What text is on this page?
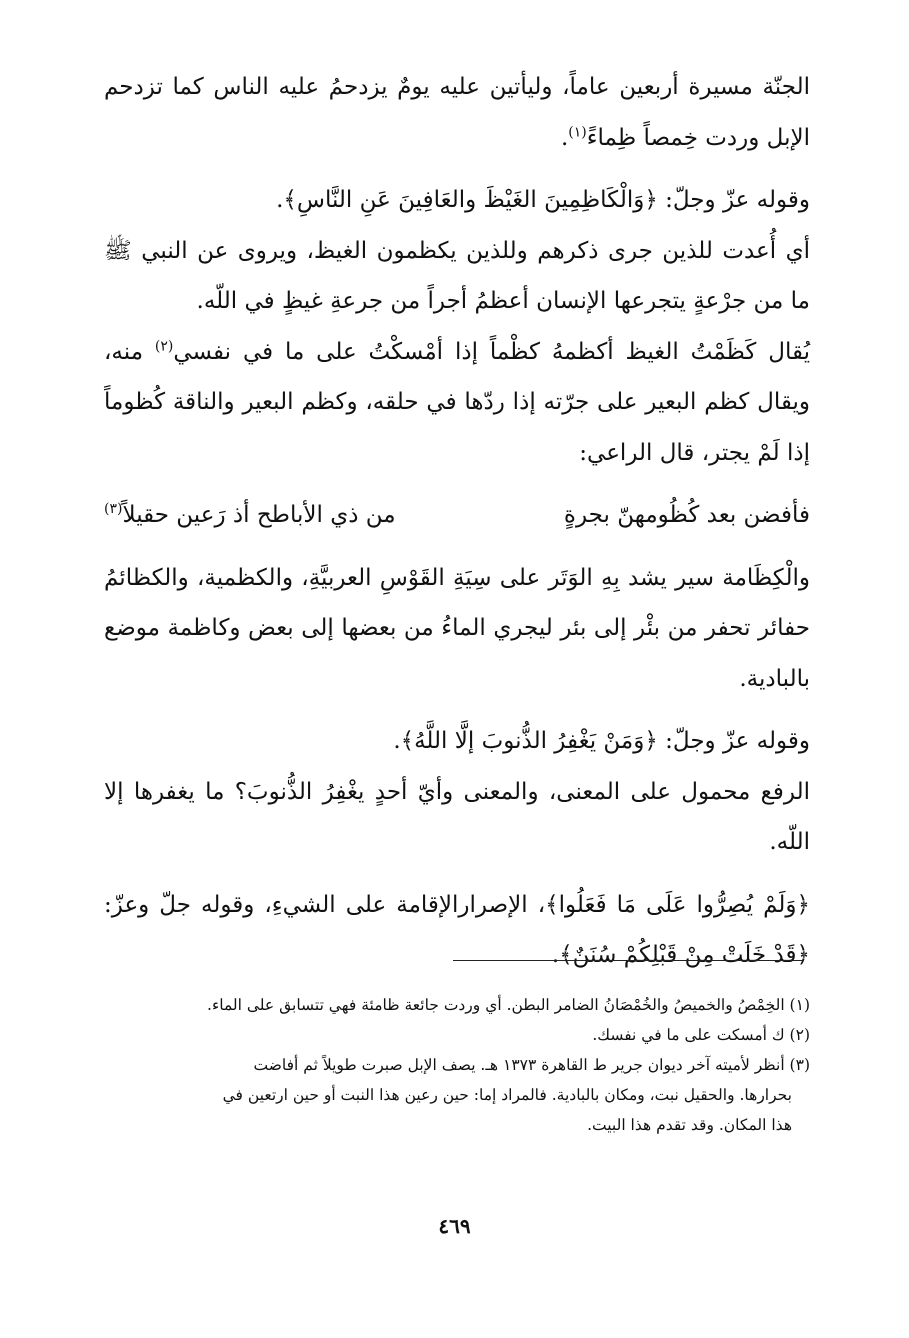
الجنّة مسيرة أربعين عاماً، وليأتين عليه يومٌ يزدحمُ عليه الناس كما تزدحم الإبل وردت خِمصاً ظِماءً$^{(١)}$.

وقوله عزّ وجلّ: ﴿وَالْكَاظِمِينَ الغَيْظَ والعَافِينَ عَنِ النَّاسِ﴾.

أي أُعدت للذين جرى ذكرهم وللذين يكظمون الغيظ، ويروى عن النبي ﷺ ما من جرْعةٍ يتجرعها الإنسان أعظمُ أجراً من جرعةِ غيظٍ في اللّه.

يُقال كَظَمْتُ الغيظ أكظمهُ كظْماً إذا أمْسكْتُ على ما في نفسي$^{(٢)}$ منه، ويقال كظم البعير على جرّته إذا ردّها في حلقه، وكظم البعير والناقة كُظوماً إذا لَمْ يجتر، قال الراعي:

فأفضن بعد كُظُومهنّ بجرةٍ
من ذي الأباطح أذ رَعين حقيلاً(٣)

والْكِظَامة سير يشد بِهِ الوَتَر على سِيَةِ القَوْسِ العربيَّةِ، والكظمية، والكظائمُ حفائر تحفر من بئْر إلى بئر ليجري الماءُ من بعضها إلى بعض وكاظمة موضع بالبادية.

وقوله عزّ وجلّ: ﴿وَمَنْ يَغْفِرُ الذُّنوبَ إلَّا اللَّهُ﴾.

الرفع محمول على المعنى، والمعنى وأيّ أحدٍ يغْفِرُ الذُّنوبَ؟ ما يغفرها إلا اللّه.

﴿وَلَمْ يُصِرُّوا عَلَى مَا فَعَلُوا﴾، الإصرارالإقامة على الشيءِ، وقوله جلّ وعزّ: ﴿قَدْ خَلَتْ مِنْ قَبْلِكُمْ سُنَنٌ﴾.

(١) الخِمْصُ والخميصُ والخُمْصَانُ الضامر البطن. أي وردت جائعة ظامئة فهي تتسابق على الماء.

(٢) ك أمسكت على ما في نفسك.

(٣) أنظر لأميته آخر ديوان جرير ط القاهرة ١٣٧٣ هـ. يصف الإبل صبرت طويلاً ثم أفاضت

بحرارها. والحقيل نبت، ومكان بالبادية. فالمراد إما: حين رعين هذا النبت أو حين ارتعين في

هذا المكان. وقد تقدم هذا البيت.

٤٦٩
